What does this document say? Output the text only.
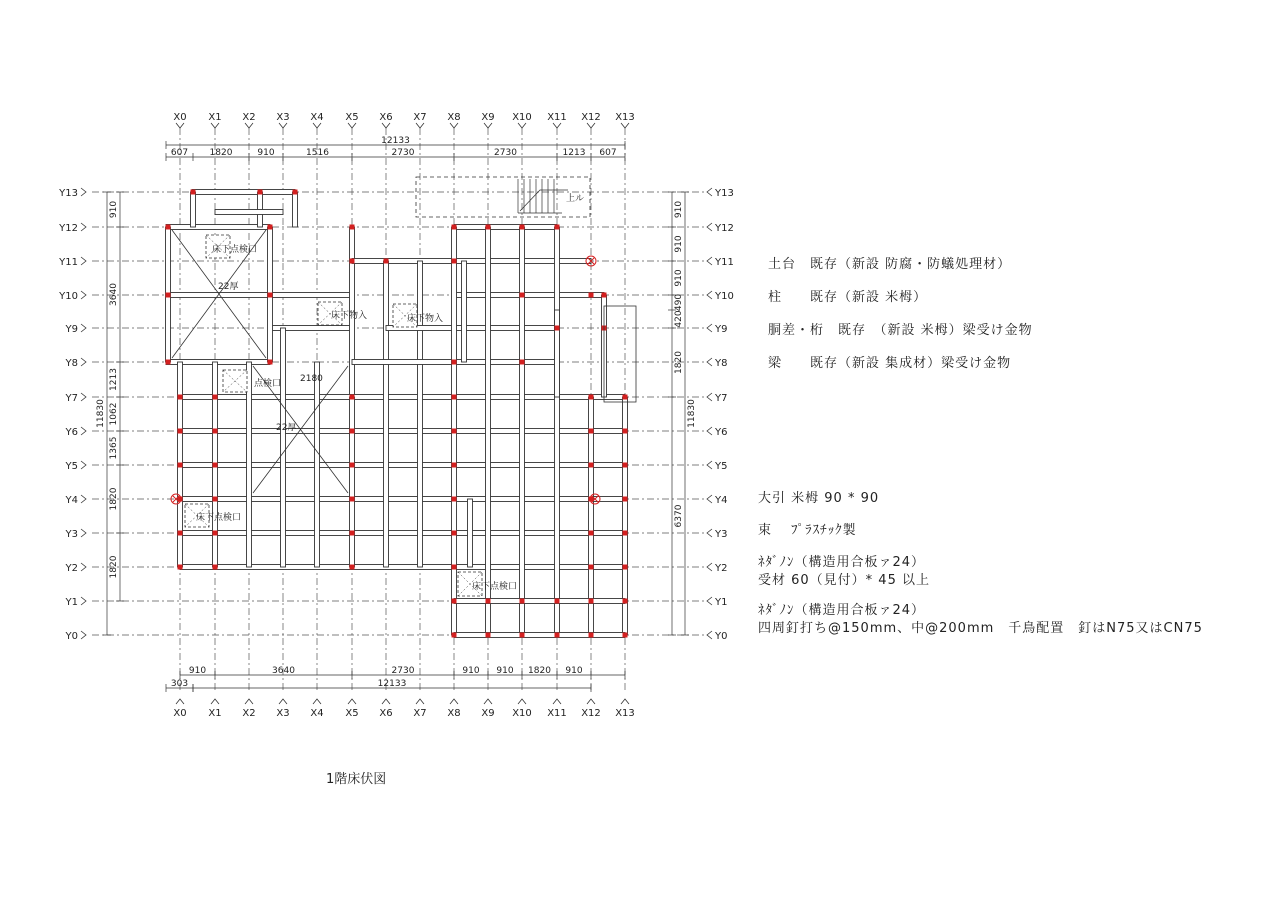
X0
X0
X1
X1
X2
X2
X3
X3
X4
X4
X5
X5
X6
X6
X7
X7
X8
X8
X9
X9
X10
X10
X11
X11
X12
X12
X13
X13
Y0	Y0
Y1	Y1
Y2	Y2
Y3	Y3
Y4	Y4
Y5	Y5
Y6	Y6
Y7	Y7
Y8	Y8
Y9	Y9
Y10	Y10
Y11	Y11
Y12	Y12
Y13	Y13
12133
607 1820	910	1516	2730	2730	1213 607
910	3640	2730	910 910 1820 910
303	12133
11830
910
3640
1213
1062
1365
1820
1820
11830
910
910
910
490
420
1820
6370
床下点検口
点検口
床下点検口
床下点検口
床下物入	床下物入
22厚
22厚
2180
上ル

土台　既存（新設 防腐・防蟻処理材）

柱　　既存（新設 米栂）

胴差・桁　既存　（新設 米栂）梁受け金物

梁　　既存（新設 集成材）梁受け金物

大引 米栂 90 * 90

束　 ﾌﾟﾗｽﾁｯｸ製

ﾈﾀﾞﾉﾝ（構造用合板ァ24）

受材 60（見付）* 45 以上

ﾈﾀﾞﾉﾝ（構造用合板ァ24）

四周釘打ち@150mm、中@200mm　千鳥配置　釘はN75又はCN75

1階床伏図
